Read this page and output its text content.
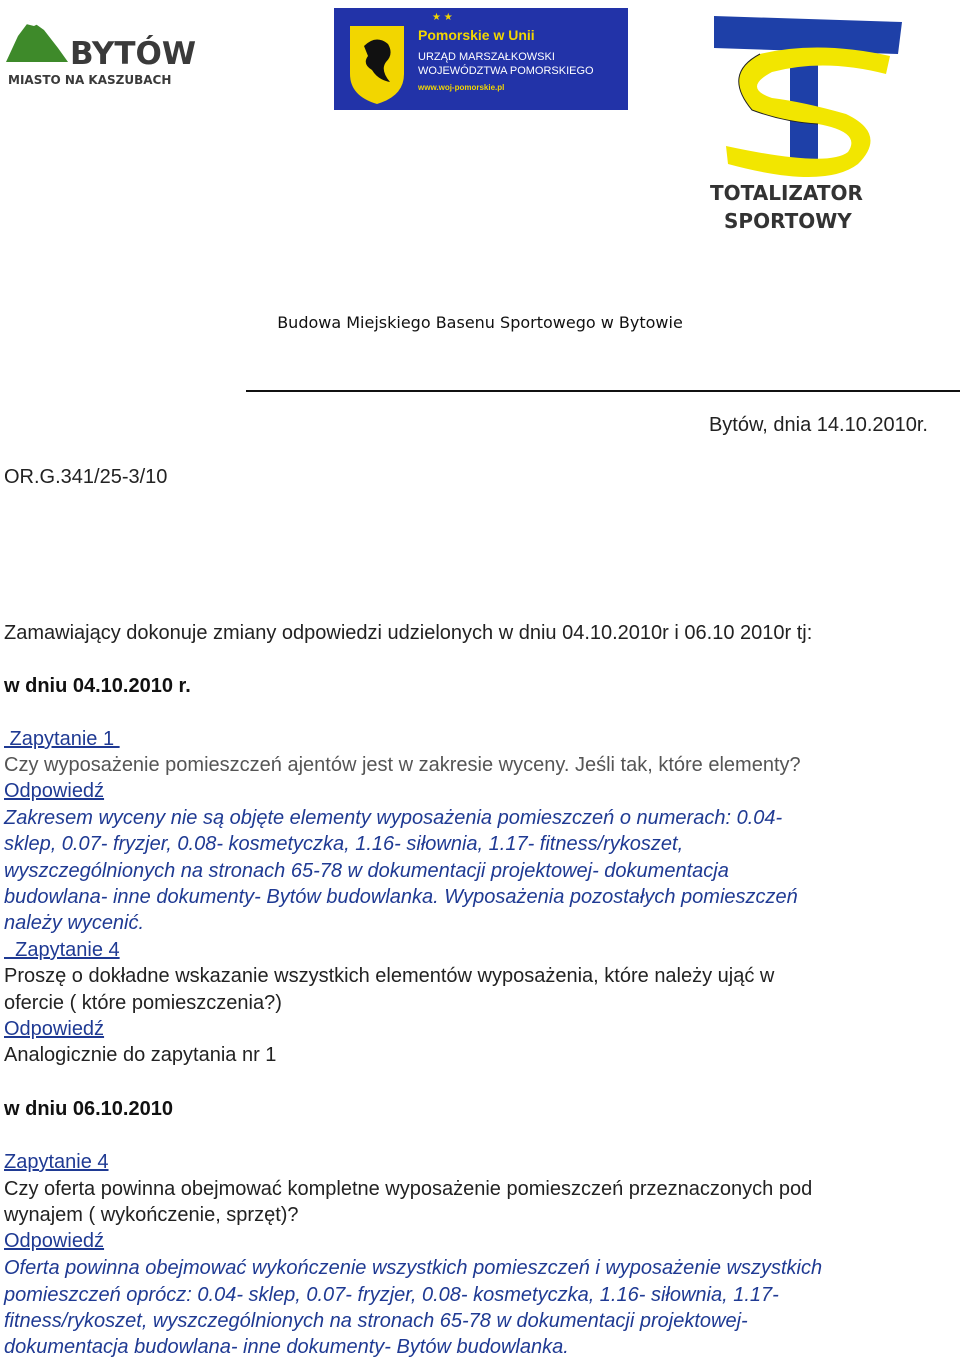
BYTÓW
MIASTO NA KASZUBACH
★ ★
Pomorskie w Unii
URZĄD MARSZAŁKOWSKI
WOJEWÓDZTWA POMORSKIEGO
www.woj-pomorskie.pl
TOTALIZATOR
SPORTOWY
Budowa Miejskiego Basenu Sportowego w Bytowie
Bytów, dnia 14.10.2010r.
OR.G.341/25-3/10
Zamawiający dokonuje zmiany odpowiedzi udzielonych w dniu 04.10.2010r i 06.10 2010r tj:
w dniu 04.10.2010 r.
Zapytanie 1
Czy wyposażenie pomieszczeń ajentów jest w zakresie wyceny. Jeśli tak, które elementy?
Odpowiedź
Zakresem wyceny nie są objęte elementy wyposażenia pomieszczeń o numerach: 0.04-
sklep, 0.07- fryzjer, 0.08- kosmetyczka, 1.16- siłownia, 1.17- fitness/rykoszet,
wyszczególnionych na stronach 65-78 w dokumentacji projektowej- dokumentacja
budowlana- inne dokumenty- Bytów budowlanka. Wyposażenia pozostałych pomieszczeń
należy wycenić.
Zapytanie 4
Proszę o dokładne wskazanie wszystkich elementów wyposażenia, które należy ująć w
ofercie ( które pomieszczenia?)
Odpowiedź
Analogicznie do zapytania nr 1
w dniu 06.10.2010
Zapytanie 4
Czy oferta powinna obejmować kompletne wyposażenie pomieszczeń przeznaczonych pod
wynajem ( wykończenie, sprzęt)?
Odpowiedź
Oferta powinna obejmować wykończenie wszystkich pomieszczeń i wyposażenie wszystkich
pomieszczeń oprócz: 0.04- sklep, 0.07- fryzjer, 0.08- kosmetyczka, 1.16- siłownia, 1.17-
fitness/rykoszet, wyszczególnionych na stronach 65-78 w dokumentacji projektowej-
dokumentacja budowlana- inne dokumenty- Bytów budowlanka.
